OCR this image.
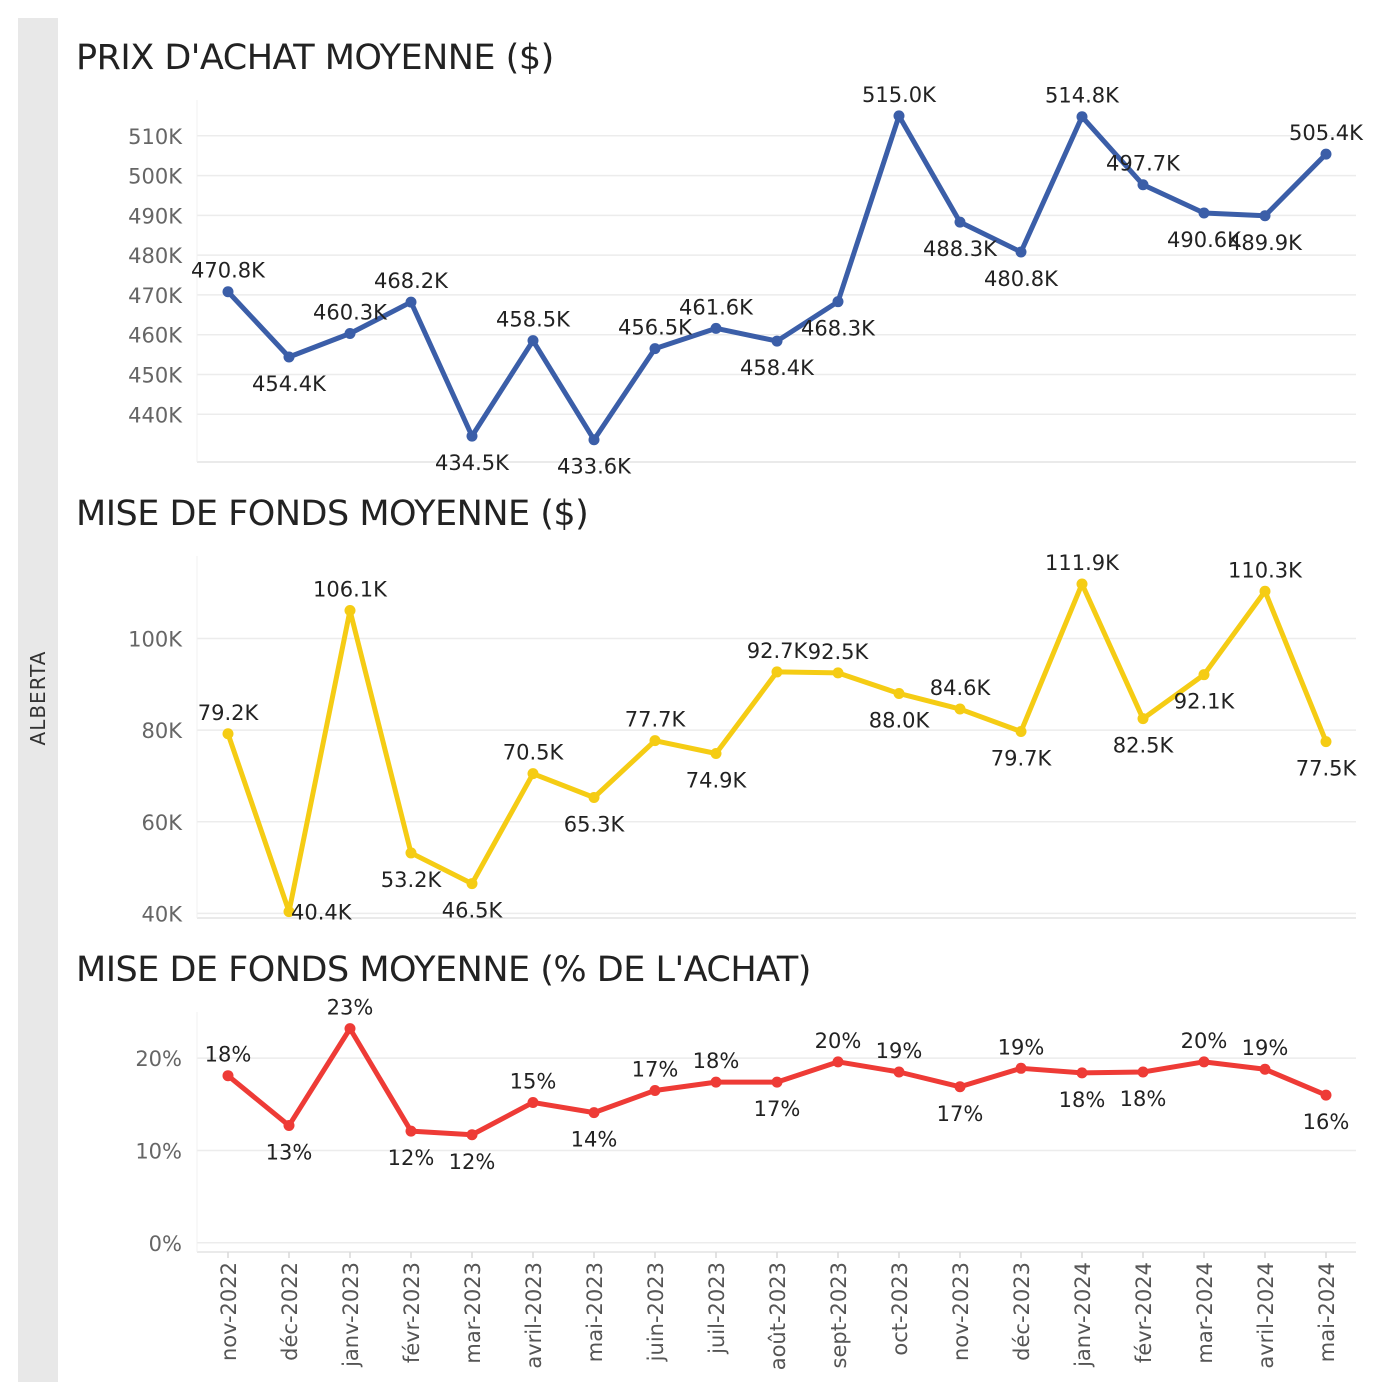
ALBERTA
PRIX D'ACHAT MOYENNE ($)
MISE DE FONDS MOYENNE ($)
MISE DE FONDS MOYENNE (% DE L'ACHAT)
440K
450K
460K
470K
480K
490K
500K
510K
470.8K
454.4K
460.3K
468.2K
434.5K
458.5K
433.6K
456.5K
461.6K
458.4K
468.3K
515.0K
488.3K
480.8K
514.8K
497.7K
490.6K
489.9K
505.4K
40K
60K
80K
100K
79.2K
40.4K
106.1K
53.2K
46.5K
70.5K
65.3K
77.7K
74.9K
92.7K 92.5K
88.0K
84.6K
79.7K
111.9K
82.5K
92.1K
110.3K
77.5K
0%
10%
20% 18%
13%
23%
12% 12%
15%
14%
17% 18%
17%
20% 19%
17%
19%
18% 18%
20% 19%
16%
nov-2022 déc-2022 janv-2023 févr-2023 mar-2023 avril-2023 mai-2023 juin-2023 juil-2023 août-2023 sept-2023 oct-2023 nov-2023 déc-2023 janv-2024 févr-2024 mar-2024 avril-2024 mai-2024
